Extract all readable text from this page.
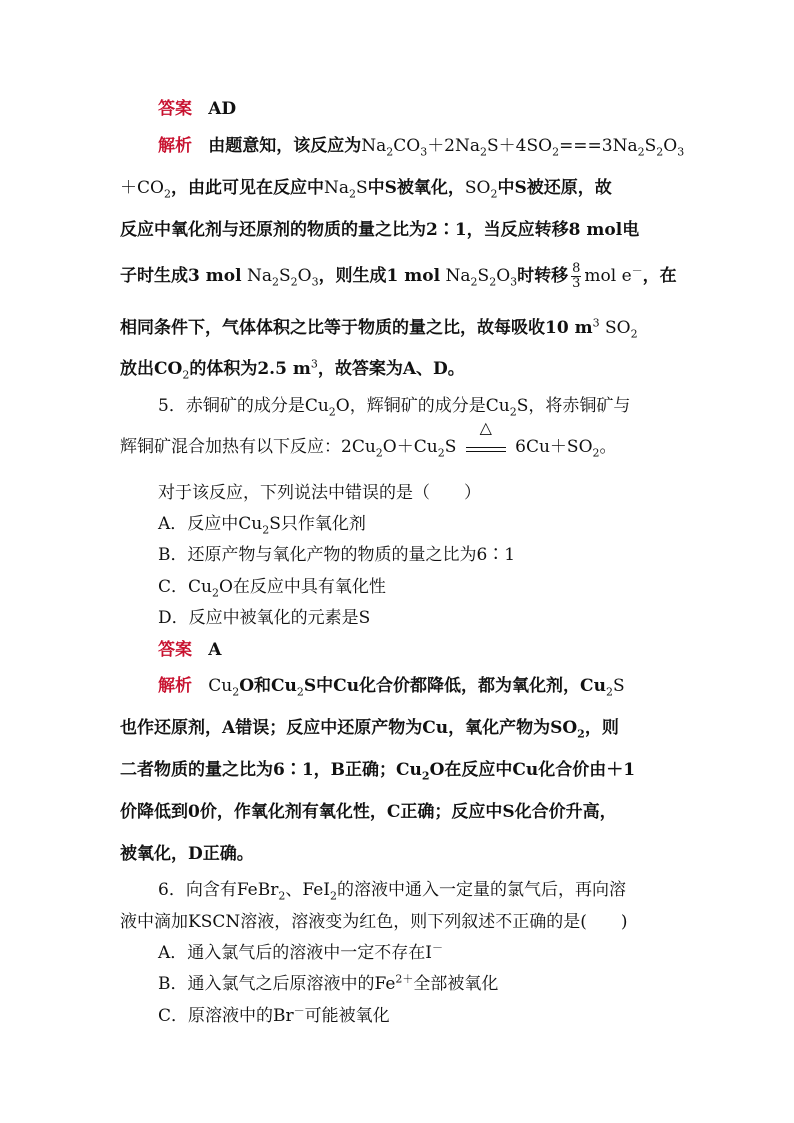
答案 AD
解析 由题意知，该反应为$Na_2CO_3+2Na_2S+4SO_2===3Na_2S_2O_3$
$+CO_2$，由此可见在反应中$Na_2S$中S被氧化，$SO_2$中S被还原，故
反应中氧化剂与还原剂的物质的量之比为2∶1，当反应转移8 mol电
子时生成3 mol $Na_2S_2O_3$，则生成1 mol $Na_2S_2O_3$时转移 $\frac{8}{3}$ mol e－，在
相同条件下，气体体积之比等于物质的量之比，故每吸收10 $m^3$ $SO_2$
放出$CO_2$的体积为2.5 $m^3$，故答案为A、D。
5．赤铜矿的成分是$Cu_2O$，辉铜矿的成分是$Cu_2S$，将赤铜矿与
辉铜矿混合加热有以下反应：$2Cu_2O+Cu_2S$
△
$6Cu+SO_2$。
对于该反应，下列说法中错误的是（　　）
A．反应中$Cu_2S$只作氧化剂
B．还原产物与氧化产物的物质的量之比为6∶1
C．$Cu_2O$在反应中具有氧化性
D．反应中被氧化的元素是S
答案 A
解析 $Cu_2O$和$Cu_2S$中Cu化合价都降低，都为氧化剂，$Cu_2S$
也作还原剂，A错误；反应中还原产物为Cu，氧化产物为$SO_2$，则
二者物质的量之比为6∶1，B正确；$Cu_2O$在反应中Cu化合价由＋1
价降低到0价，作氧化剂有氧化性，C正确；反应中S化合价升高，
被氧化，D正确。
6．向含有FeBr$_2$、FeI$_2$的溶液中通入一定量的氯气后，再向溶
液中滴加KSCN溶液，溶液变为红色，则下列叙述不正确的是(　　)
A．通入氯气后的溶液中一定不存在I－
B．通入氯气之后原溶液中的$Fe^{2+}$全部被氧化
C．原溶液中的Br－可能被氧化
